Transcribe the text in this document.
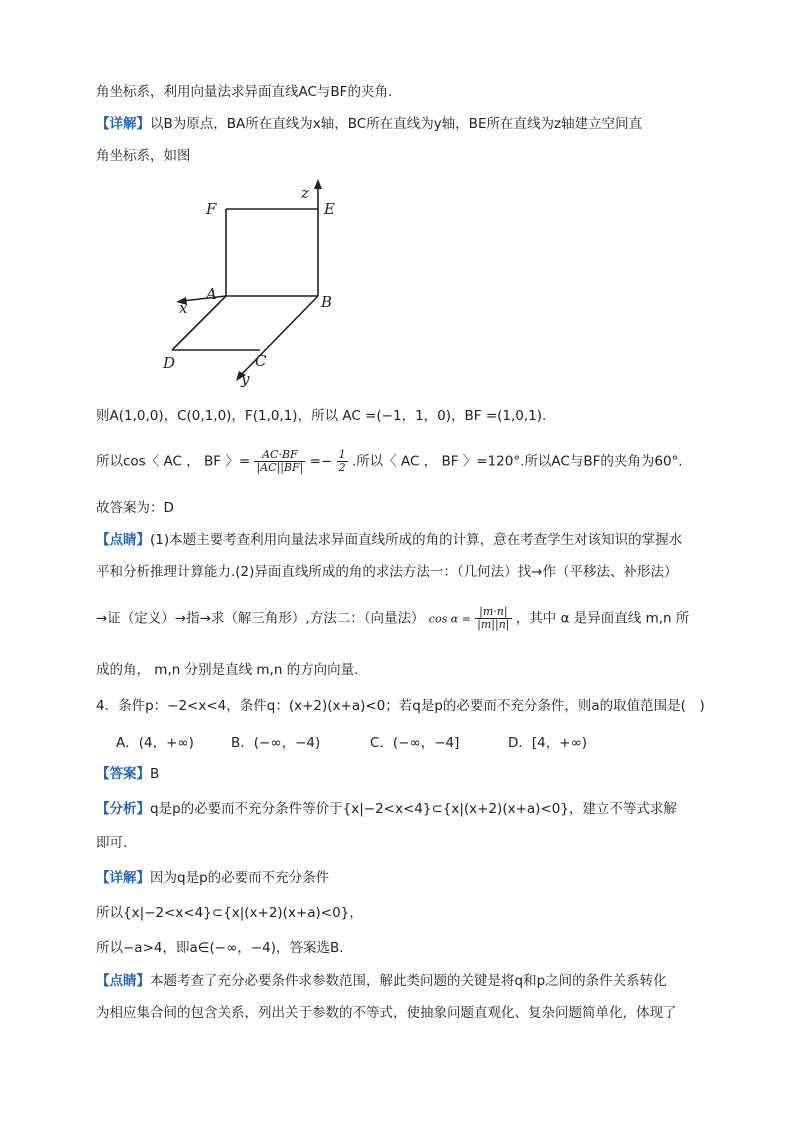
角坐标系，利用向量法求异面直线AC与BF的夹角.
【详解】以B为原点，BA所在直线为x轴，BC所在直线为y轴，BE所在直线为z轴建立空间直
角坐标系，如图
F	E
z
A
x	B
D	C
y
则A(1,0,0)，C(0,1,0)，F(1,0,1)，所以 AC =(−1，1，0)，BF =(1,0,1).
所以cos〈 AC ， BF 〉= $\frac{AC\cdot BF}{|AC||BF|} =- \frac{1}{2}$ .所以〈 AC ， BF 〉=120°.所以AC与BF的夹角为60°.
故答案为：D
【点睛】(1)本题主要考查利用向量法求异面直线所成的角的计算，意在考查学生对该知识的掌握水
平和分析推理计算能力.(2)异面直线所成的角的求法方法一：（几何法）找→作（平移法、补形法）
→证（定义）→指→求（解三角形）,方法二：（向量法） $\cos \alpha = \frac{|m\cdot n|}{|m||n|}$ ，其中 α 是异面直线 m,n 所
成的角， m,n 分别是直线 m,n 的方向向量.
4．条件p：−2<x<4，条件q：(x+2)(x+a)<0；若q是p的必要而不充分条件，则a的取值范围是(　)
A．(4，+∞)	B．(−∞，−4)	C．(−∞，−4]	D．[4，+∞)
【答案】B
【分析】q是p的必要而不充分条件等价于{x|−2<x<4}⊂{x|(x+2)(x+a)<0}，建立不等式求解
即可.
【详解】因为q是p的必要而不充分条件
所以{x|−2<x<4}⊂{x|(x+2)(x+a)<0}，
所以−a>4，即a∈(−∞，−4)，答案选B.
【点睛】本题考查了充分必要条件求参数范围，解此类问题的关键是将q和p之间的条件关系转化
为相应集合间的包含关系，列出关于参数的不等式，使抽象问题直观化、复杂问题简单化，体现了
